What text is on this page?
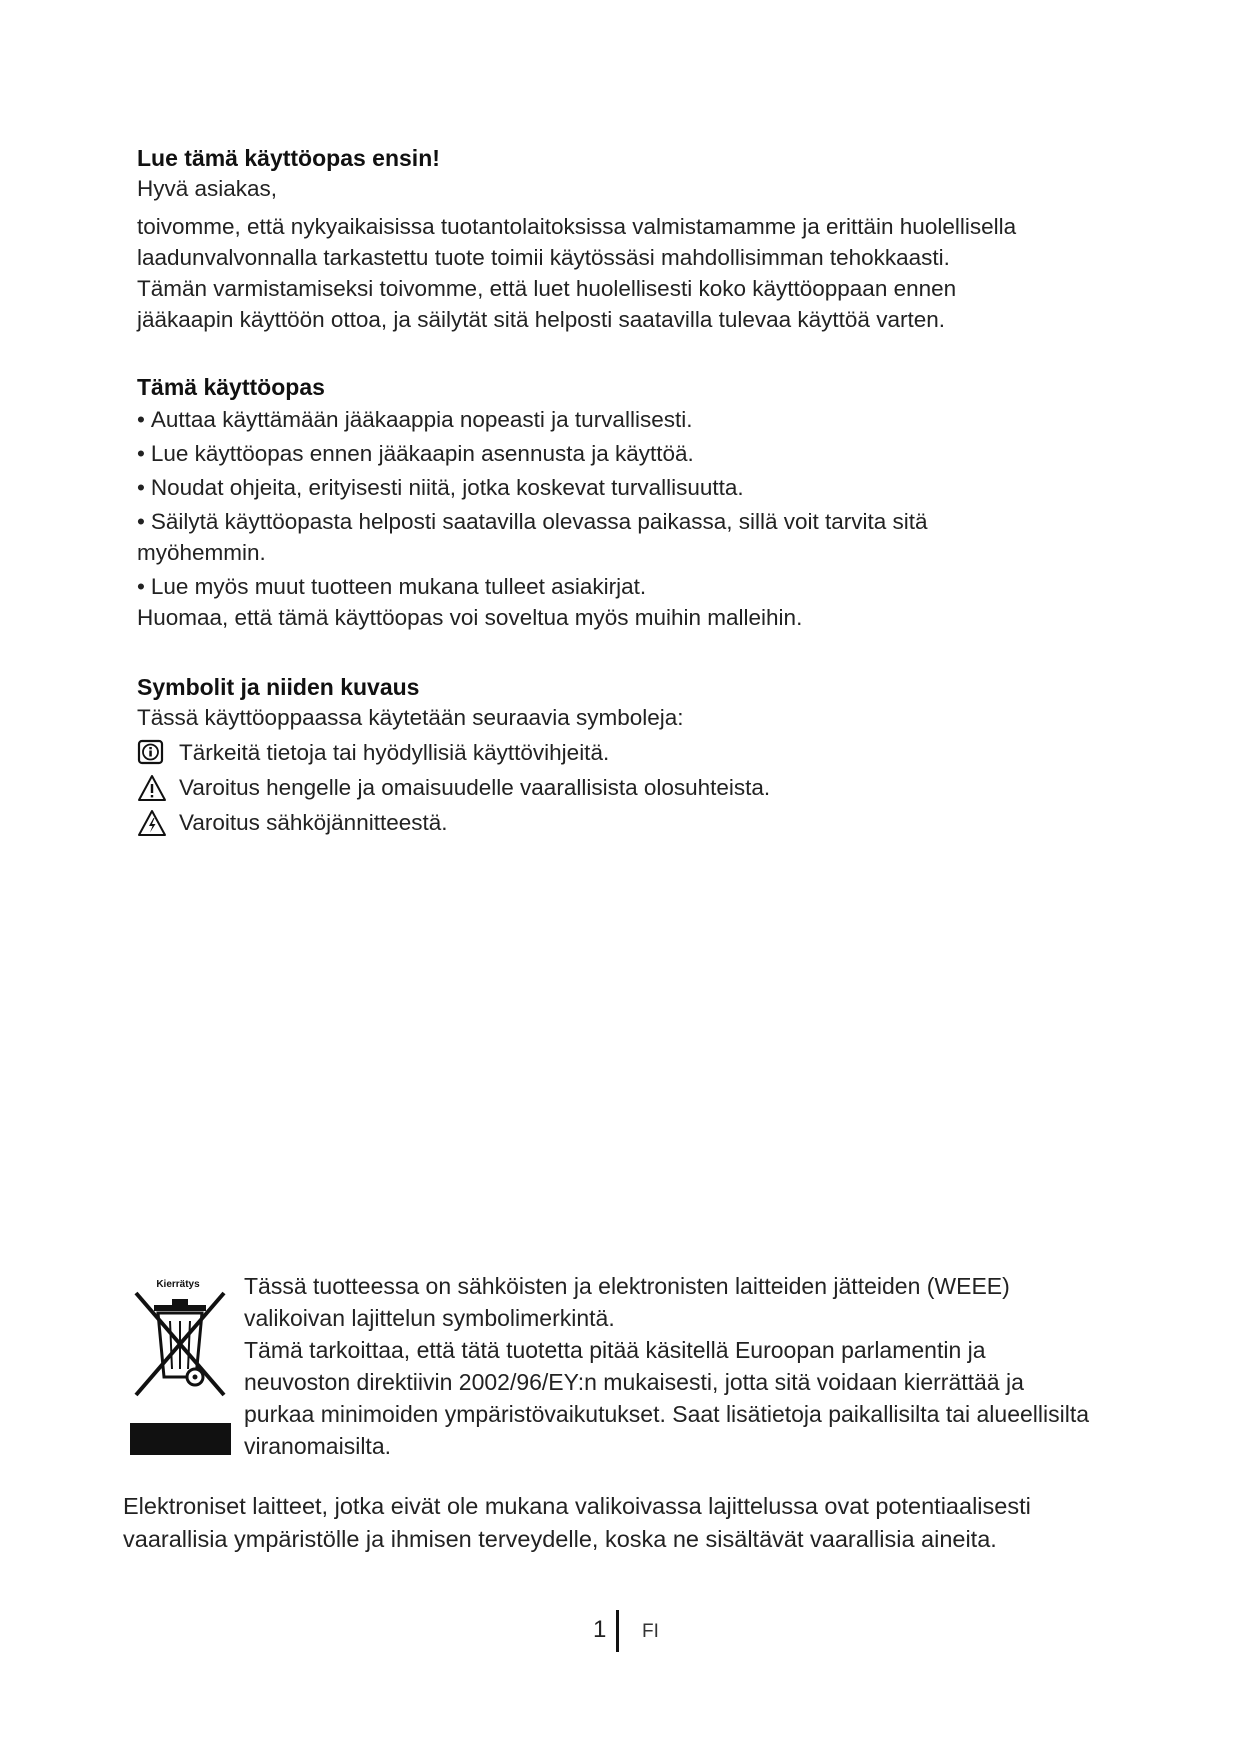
Lue tämä käyttöopas ensin!

Hyvä asiakas,

toivomme, että nykyaikaisissa tuotantolaitoksissa valmistamamme ja erittäin huolellisella

laadunvalvonnalla tarkastettu tuote toimii käytössäsi mahdollisimman tehokkaasti.

Tämän varmistamiseksi toivomme, että luet huolellisesti koko käyttöoppaan ennen

jääkaapin käyttöön ottoa, ja säilytät sitä helposti saatavilla tulevaa käyttöä varten.

Tämä käyttöopas

• Auttaa käyttämään jääkaappia nopeasti ja turvallisesti.

• Lue käyttöopas ennen jääkaapin asennusta ja käyttöä.

• Noudat ohjeita, erityisesti niitä, jotka koskevat turvallisuutta.

• Säilytä käyttöopasta helposti saatavilla olevassa paikassa, sillä voit tarvita sitä

myöhemmin.

• Lue myös muut tuotteen mukana tulleet asiakirjat.

Huomaa, että tämä käyttöopas voi soveltua myös muihin malleihin.

Symbolit ja niiden kuvaus

Tässä käyttöoppaassa käytetään seuraavia symboleja:

Tärkeitä tietoja tai hyödyllisiä käyttövihjeitä.
Varoitus hengelle ja omaisuudelle vaarallisista olosuhteista.
Varoitus sähköjännitteestä.
Kierrätys Tässä tuotteessa on sähköisten ja elektronisten laitteiden jätteiden (WEEE)

valikoivan lajittelun symbolimerkintä.

Tämä tarkoittaa, että tätä tuotetta pitää käsitellä Euroopan parlamentin ja

neuvoston direktiivin 2002/96/EY:n mukaisesti, jotta sitä voidaan kierrättää ja

purkaa minimoiden ympäristövaikutukset. Saat lisätietoja paikallisilta tai alueellisilta

viranomaisilta.

Elektroniset laitteet, jotka eivät ole mukana valikoivassa lajittelussa ovat potentiaalisesti

vaarallisia ympäristölle ja ihmisen terveydelle, koska ne sisältävät vaarallisia aineita.

1 FI
